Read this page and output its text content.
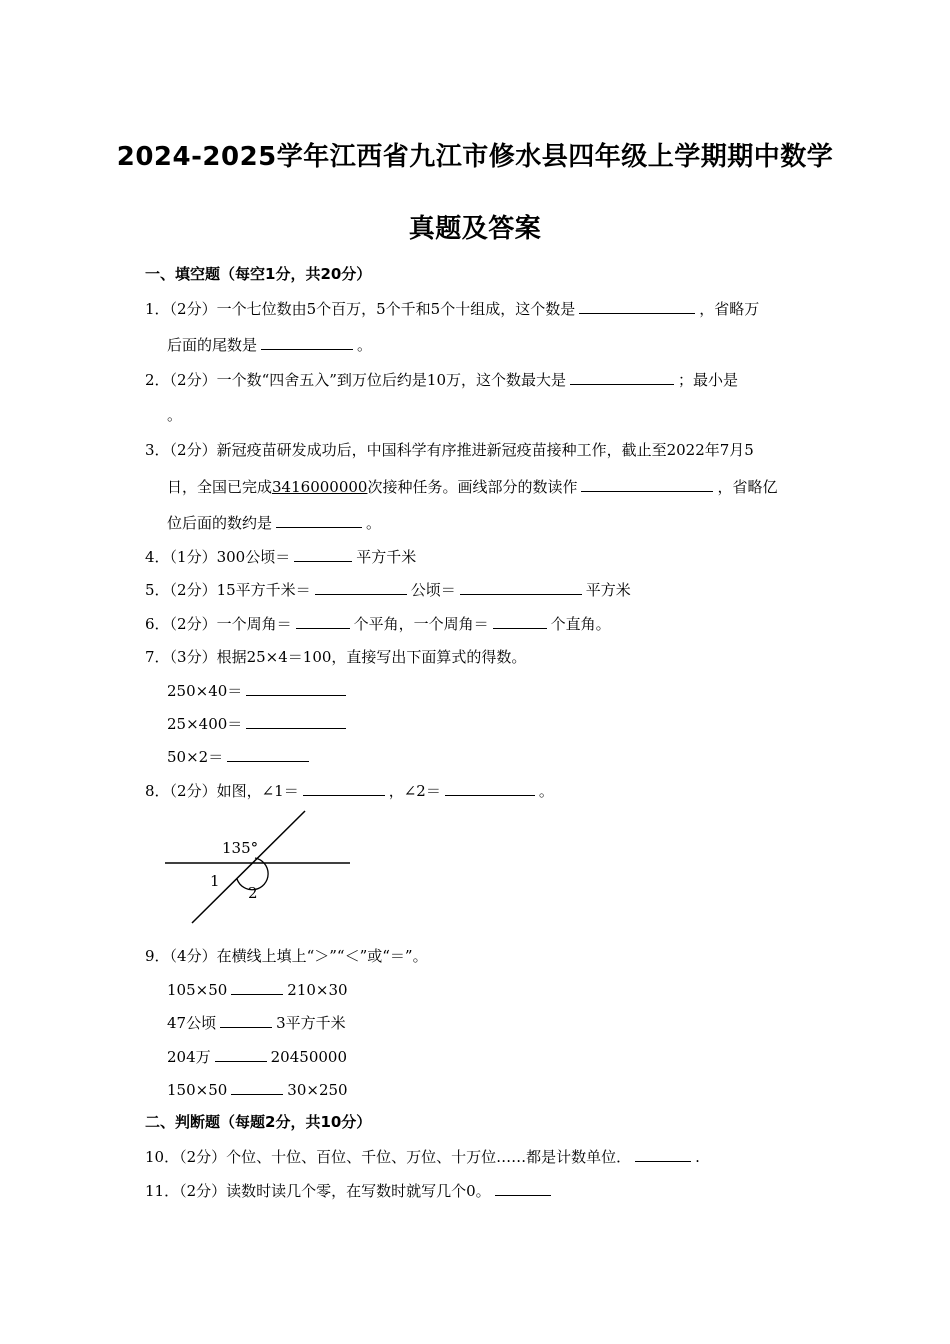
2024-2025学年江西省九江市修水县四年级上学期期中数学
真题及答案
一、填空题（每空1分，共20分）
1．（2分）一个七位数由5个百万，5个千和5个十组成，这个数是	，省略万
后面的尾数是	。
2．（2分）一个数“四舍五入”到万位后约是10万，这个数最大是	；最小是
。
3．（2分）新冠疫苗研发成功后，中国科学有序推进新冠疫苗接种工作，截止至2022年7月5
日，全国已完成3416000000次接种任务。画线部分的数读作	，省略亿
位后面的数约是	。
4．（1分）300公顷＝	平方千米
5．（2分）15平方千米＝	公顷＝	平方米
6．（2分）一个周角＝	个平角，一个周角＝	个直角。
7．（3分）根据25×4＝100，直接写出下面算式的得数。
250×40＝
25×400＝
50×2＝
8．（2分）如图，∠1＝	，∠2＝	。
135°
1
2
9．（4分）在横线上填上“＞”“＜”或“＝”。
105×50	210×30
47公顷	3平方千米
204万	20450000
150×50	30×250
二、判断题（每题2分，共10分）
10．（2分）个位、十位、百位、千位、万位、十万位……都是计数单位．	.
11．（2分）读数时读几个零，在写数时就写几个0。
